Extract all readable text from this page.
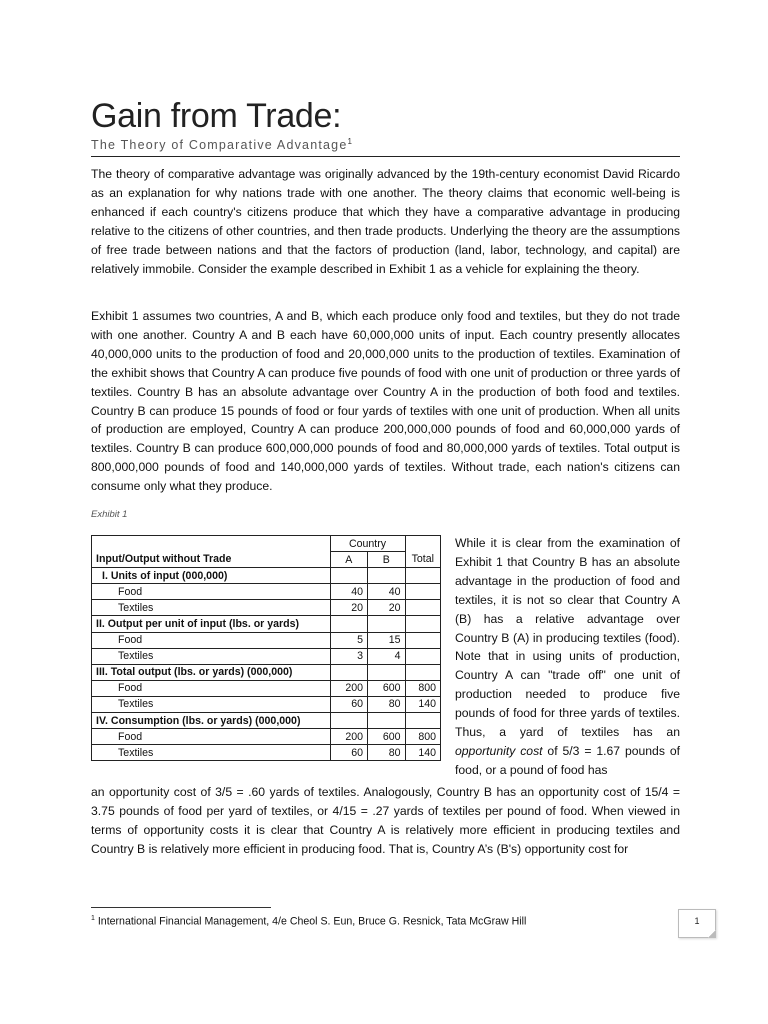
Gain from Trade:
The Theory of Comparative Advantage$^1$

The theory of comparative advantage was originally advanced by the 19th-century economist David Ricardo as an explanation for why nations trade with one another. The theory claims that economic well-being is enhanced if each country's citizens produce that which they have a comparative advantage in producing relative to the citizens of other countries, and then trade products. Underlying the theory are the assumptions of free trade between nations and that the factors of production (land, labor, technology, and capital) are relatively immobile. Consider the example described in Exhibit 1 as a vehicle for explaining the theory.

Exhibit 1 assumes two countries, A and B, which each produce only food and textiles, but they do not trade with one another. Country A and B each have 60,000,000 units of input. Each country presently allocates 40,000,000 units to the production of food and 20,000,000 units to the production of textiles. Examination of the exhibit shows that Country A can produce five pounds of food with one unit of production or three yards of textiles. Country B has an absolute advantage over Country A in the production of both food and textiles. Country B can produce 15 pounds of food or four yards of textiles with one unit of production. When all units of production are employed, Country A can produce 200,000,000 pounds of food and 60,000,000 yards of textiles. Country B can produce 600,000,000 pounds of food and 80,000,000 yards of textiles. Total output is 800,000,000 pounds of food and 140,000,000 yards of textiles. Without trade, each nation's citizens can consume only what they produce.

Exhibit 1
	Country		
Input/Output without Trade	A	B	Total
I. Units of input (000,000)			
Food	40	40	
Textiles	20	20	
II. Output per unit of input (lbs. or yards)			
Food	5	15	
Textiles	3	4	
III. Total output (lbs. or yards) (000,000)			
Food	200	600	800
Textiles	60	80	140
IV. Consumption (lbs. or yards) (000,000)			
Food	200	600	800
Textiles	60	80	140

While it is clear from the examination of Exhibit 1 that Country B has an absolute advantage in the production of food and textiles, it is not so clear that Country A (B) has a relative advantage over Country B (A) in producing textiles (food). Note that in using units of production, Country A can "trade off" one unit of production needed to produce five pounds of food for three yards of textiles. Thus, a yard of textiles has an opportunity cost of 5/3 = 1.67 pounds of food, or a pound of food has

an opportunity cost of 3/5 = .60 yards of textiles. Analogously, Country B has an opportunity cost of 15/4 = 3.75 pounds of food per yard of textiles, or 4/15 = .27 yards of textiles per pound of food. When viewed in terms of opportunity costs it is clear that Country A is relatively more efficient in producing textiles and Country B is relatively more efficient in producing food. That is, Country A’s (B's) opportunity cost for

$^1$ International Financial Management, 4/e Cheol S. Eun, Bruce G. Resnick, Tata McGraw Hill	1
